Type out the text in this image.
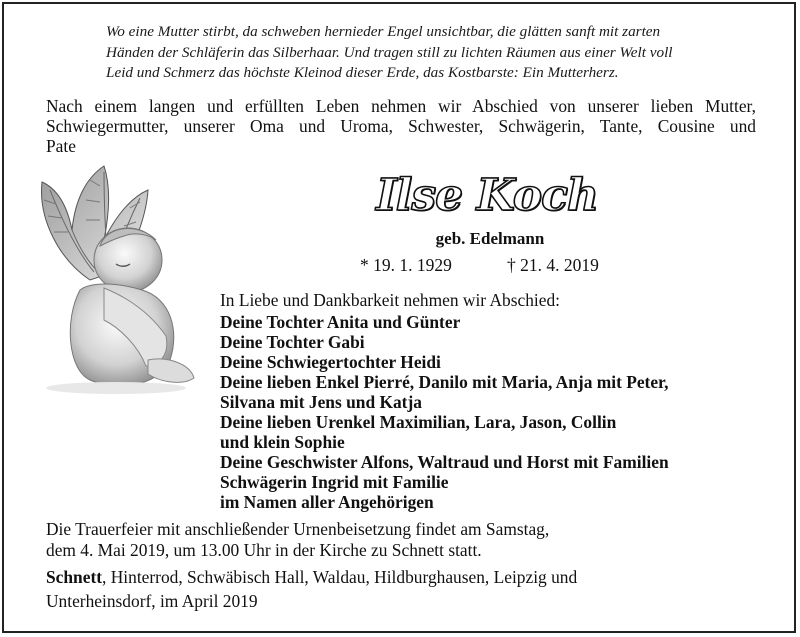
Wo eine Mutter stirbt, da schweben hernieder Engel unsichtbar, die glätten sanft mit zarten
Händen der Schläferin das Silberhaar. Und tragen still zu lichten Räumen aus einer Welt voll
Leid und Schmerz das höchste Kleinod dieser Erde, das Kostbarste: Ein Mutterherz.
Nach einem langen und erfüllten Leben nehmen wir Abschied von unserer lieben Mutter,
Schwiegermutter, unserer Oma und Uroma, Schwester, Schwägerin, Tante, Cousine und
Pate
Ilse Koch
geb. Edelmann
* 19. 1. 1929	† 21. 4. 2019
In Liebe und Dankbarkeit nehmen wir Abschied:
Deine Tochter Anita und Günter
Deine Tochter Gabi
Deine Schwiegertochter Heidi
Deine lieben Enkel Pierré, Danilo mit Maria, Anja mit Peter,
Silvana mit Jens und Katja
Deine lieben Urenkel Maximilian, Lara, Jason, Collin
und klein Sophie
Deine Geschwister Alfons, Waltraud und Horst mit Familien
Schwägerin Ingrid mit Familie
im Namen aller Angehörigen
Die Trauerfeier mit anschließender Urnenbeisetzung findet am Samstag,
dem 4. Mai 2019, um 13.00 Uhr in der Kirche zu Schnett statt.
Schnett, Hinterrod, Schwäbisch Hall, Waldau, Hildburghausen, Leipzig und
Unterheinsdorf, im April 2019
